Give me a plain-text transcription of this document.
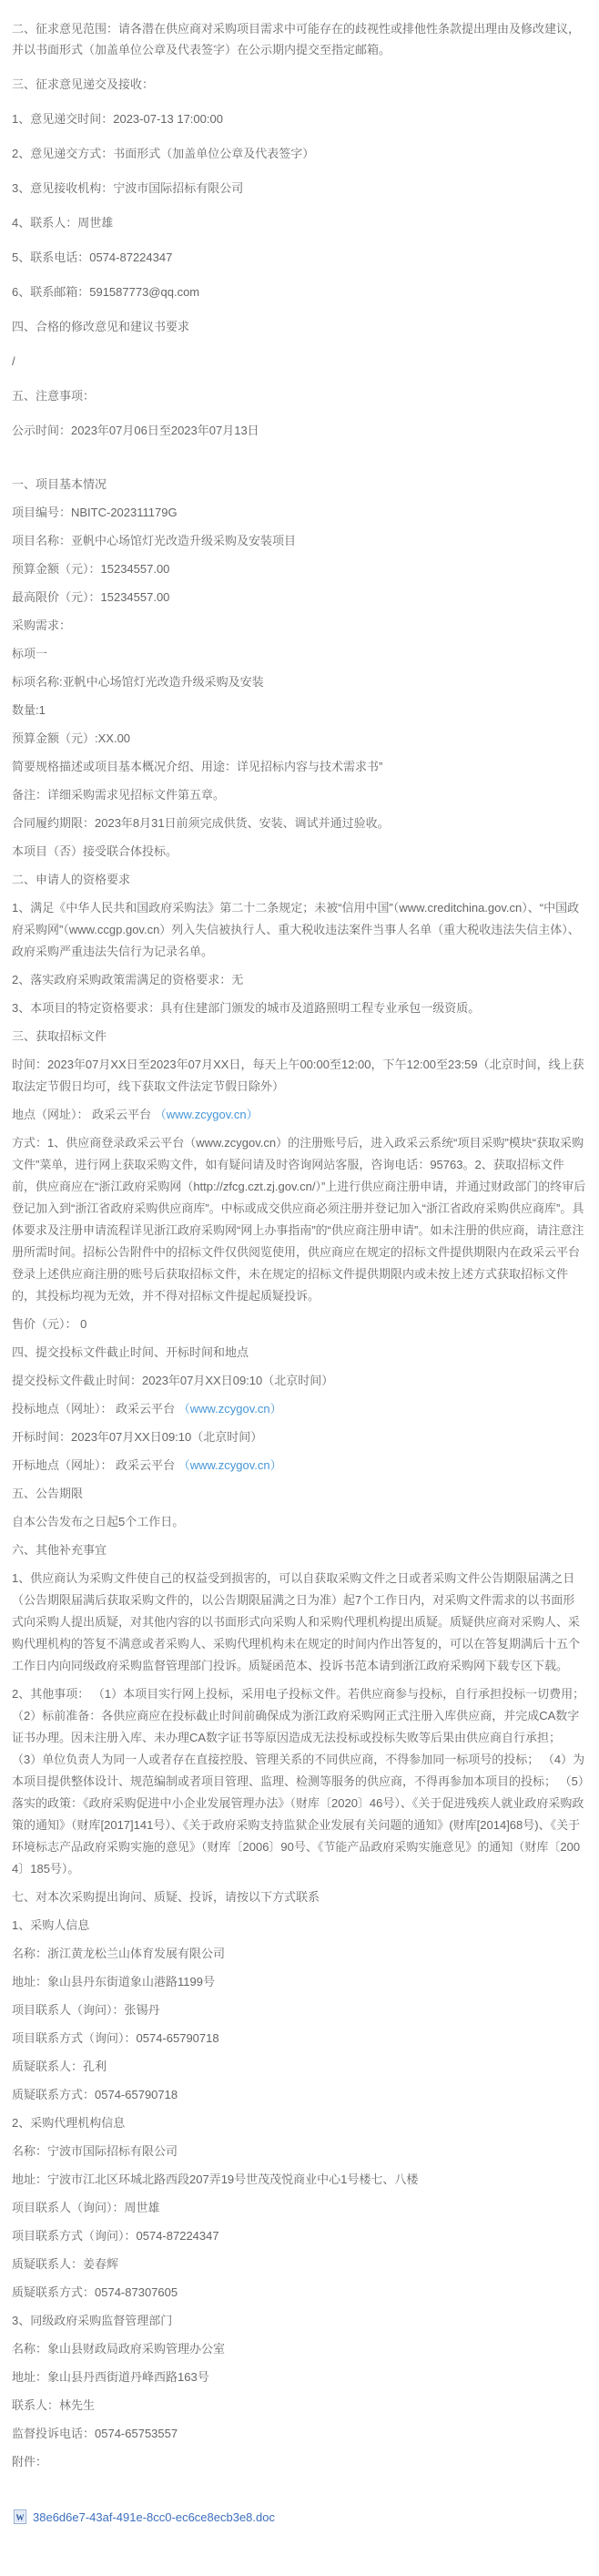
二、征求意见范围：请各潜在供应商对采购项目需求中可能存在的歧视性或排他性条款提出理由及修改建议，并以书面形式（加盖单位公章及代表签字）在公示期内提交至指定邮箱。

三、征求意见递交及接收：

1、意见递交时间：2023-07-13 17:00:00

2、意见递交方式：书面形式（加盖单位公章及代表签字）

3、意见接收机构：宁波市国际招标有限公司

4、联系人：周世雄

5、联系电话：0574-87224347

6、联系邮箱：591587773@qq.com

四、合格的修改意见和建议书要求

/

五、注意事项：

公示时间：2023年07月06日至2023年07月13日

一、项目基本情况

项目编号：NBITC-202311179G

项目名称：亚帆中心场馆灯光改造升级采购及安装项目

预算金额（元）：15234557.00

最高限价（元）：15234557.00

采购需求：

标项一

标项名称:亚帆中心场馆灯光改造升级采购及安装

数量:1

预算金额（元）:XX.00

简要规格描述或项目基本概况介绍、用途：详见招标内容与技术需求书”

备注：详细采购需求见招标文件第五章。

合同履约期限：2023年8月31日前须完成供货、安装、调试并通过验收。

本项目（否）接受联合体投标。

二、申请人的资格要求

1、满足《中华人民共和国政府采购法》第二十二条规定；未被“信用中国”（www.creditchina.gov.cn）、“中国政府采购网”（www.ccgp.gov.cn）列入失信被执行人、重大税收违法案件当事人名单（重大税收违法失信主体）、政府采购严重违法失信行为记录名单。

2、落实政府采购政策需满足的资格要求：无

3、本项目的特定资格要求：具有住建部门颁发的城市及道路照明工程专业承包一级资质。

三、获取招标文件

时间：2023年07月XX日至2023年07月XX日，每天上午00:00至12:00，下午12:00至23:59（北京时间，线上获取法定节假日均可，线下获取文件法定节假日除外）

地点（网址）： 政采云平台 （www.zcygov.cn）

方式：1、供应商登录政采云平台（www.zcygov.cn）的注册账号后，进入政采云系统“项目采购”模块“获取采购文件”菜单，进行网上获取采购文件，如有疑问请及时咨询网站客服，咨询电话：95763。2、获取招标文件前，供应商应在“浙江政府采购网（http://zfcg.czt.zj.gov.cn/）”上进行供应商注册申请，并通过财政部门的终审后登记加入到“浙江省政府采购供应商库”。中标或成交供应商必须注册并登记加入“浙江省政府采购供应商库”。具体要求及注册申请流程详见浙江政府采购网“网上办事指南”的“供应商注册申请”。如未注册的供应商，请注意注册所需时间。招标公告附件中的招标文件仅供阅览使用，供应商应在规定的招标文件提供期限内在政采云平台登录上述供应商注册的账号后获取招标文件，未在规定的招标文件提供期限内或未按上述方式获取招标文件的，其投标均视为无效，并不得对招标文件提起质疑投诉。

售价（元）： 0

四、提交投标文件截止时间、开标时间和地点

提交投标文件截止时间：2023年07月XX日09:10（北京时间）

投标地点（网址）： 政采云平台 （www.zcygov.cn）

开标时间：2023年07月XX日09:10（北京时间）

开标地点（网址）： 政采云平台 （www.zcygov.cn）

五、公告期限

自本公告发布之日起5个工作日。

六、其他补充事宜

1、供应商认为采购文件使自己的权益受到损害的，可以自获取采购文件之日或者采购文件公告期限届满之日（公告期限届满后获取采购文件的，以公告期限届满之日为准）起7个工作日内，对采购文件需求的以书面形式向采购人提出质疑，对其他内容的以书面形式向采购人和采购代理机构提出质疑。质疑供应商对采购人、采购代理机构的答复不满意或者采购人、采购代理机构未在规定的时间内作出答复的，可以在答复期满后十五个工作日内向同级政府采购监督管理部门投诉。质疑函范本、投诉书范本请到浙江政府采购网下载专区下载。

2、其他事项： （1）本项目实行网上投标，采用电子投标文件。若供应商参与投标，自行承担投标一切费用； （2）标前准备：各供应商应在投标截止时间前确保成为浙江政府采购网正式注册入库供应商，并完成CA数字证书办理。因未注册入库、未办理CA数字证书等原因造成无法投标或投标失败等后果由供应商自行承担； （3）单位负责人为同一人或者存在直接控股、管理关系的不同供应商，不得参加同一标项号的投标； （4）为本项目提供整体设计、规范编制或者项目管理、监理、检测等服务的供应商，不得再参加本项目的投标； （5）落实的政策：《政府采购促进中小企业发展管理办法》（财库〔2020〕46号）、《关于促进残疾人就业政府采购政策的通知》（财库[2017]141号）、《关于政府采购支持监狱企业发展有关问题的通知》(财库[2014]68号)、《关于环境标志产品政府采购实施的意见》（财库〔2006〕90号、《节能产品政府采购实施意见》的通知（财库〔2004〕185号）。

七、对本次采购提出询问、质疑、投诉，请按以下方式联系

1、采购人信息

名称：浙江黄龙松兰山体育发展有限公司

地址：象山县丹东街道象山港路1199号

项目联系人（询问）：张锡丹

项目联系方式（询问）：0574-65790718

质疑联系人：孔利

质疑联系方式：0574-65790718

2、采购代理机构信息

名称：宁波市国际招标有限公司

地址：宁波市江北区环城北路西段207弄19号世茂茂悦商业中心1号楼七、八楼

项目联系人（询问）：周世雄

项目联系方式（询问）：0574-87224347

质疑联系人：姜春辉

质疑联系方式：0574-87307605

3、同级政府采购监督管理部门

名称：象山县财政局政府采购管理办公室

地址：象山县丹西街道丹峰西路163号

联系人：林先生

监督投诉电话：0574-65753557

附件：

W 38e6d6e7-43af-491e-8cc0-ec6ce8ecb3e8.doc
